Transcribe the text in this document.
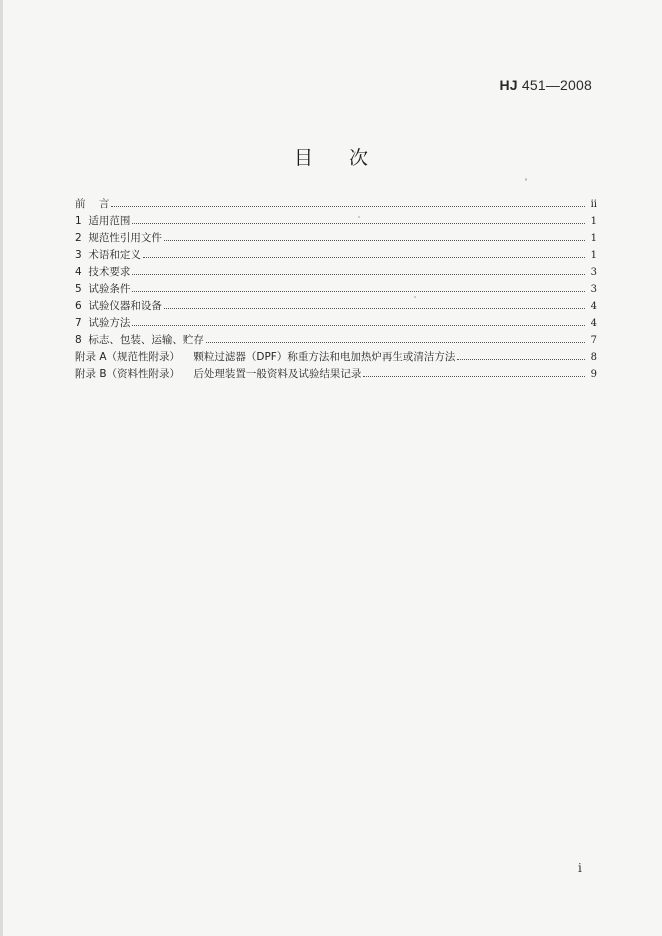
HJ 451—2008
目次
前    言	ii
1  适用范围	1
2  规范性引用文件	1
3  术语和定义	1
4  技术要求	3
5  试验条件	3
6  试验仪器和设备	4
7  试验方法	4
8  标志、包装、运输、贮存	7
附录 A（规范性附录）    颗粒过滤器（DPF）称重方法和电加热炉再生或清洁方法	8
附录 B（资料性附录）    后处理装置一般资料及试验结果记录	9
i
